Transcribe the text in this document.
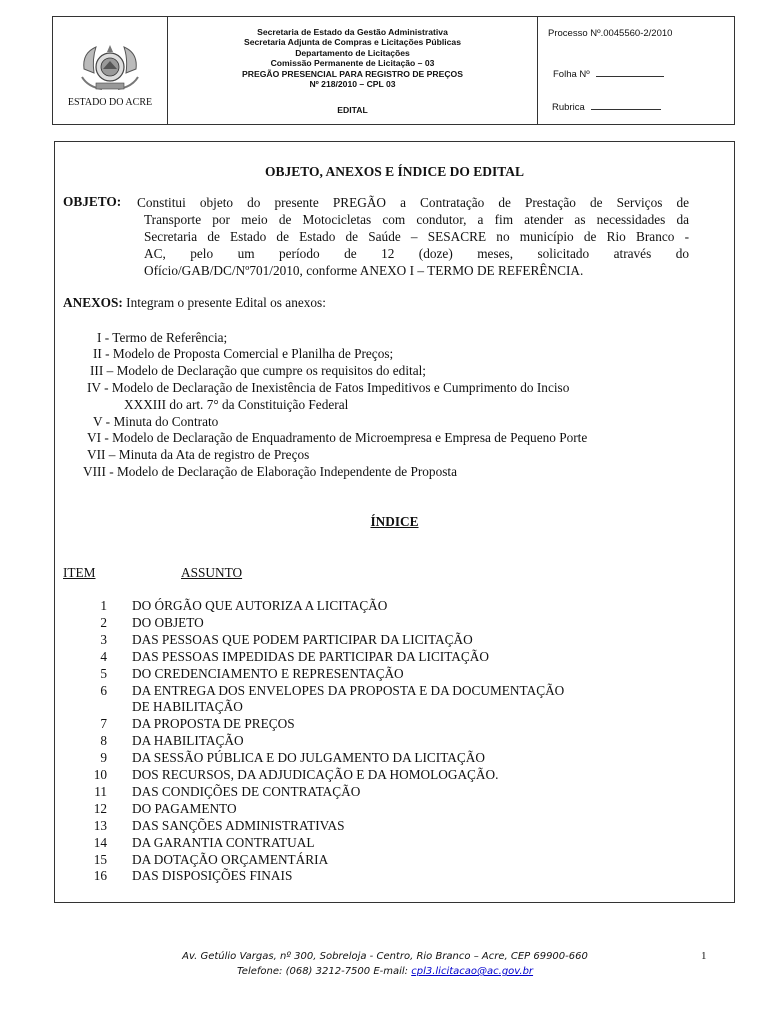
ESTADO DO ACRE
Secretaria de Estado da Gestão Administrativa
Secretaria Adjunta de Compras e Licitações Públicas
Departamento de Licitações
Comissão Permanente de Licitação – 03
PREGÃO PRESENCIAL PARA REGISTRO DE PREÇOS
Nº 218/2010 – CPL 03
EDITAL
Processo Nº.0045560-2/2010
Folha Nº
Rubrica
OBJETO, ANEXOS E ÍNDICE DO EDITAL
OBJETO: Constitui objeto do presente PREGÃO a Contratação de Prestação de Serviços de
Transporte por meio de Motocicletas com condutor, a fim atender as necessidades da
Secretaria de Estado de Estado de Saúde – SESACRE no município de Rio Branco -
AC, pelo um período de 12 (doze) meses, solicitado através do
Ofício/GAB/DC/Nº701/2010, conforme ANEXO I – TERMO DE REFERÊNCIA.
ANEXOS: Integram o presente Edital os anexos:
I - Termo de Referência;
II - Modelo de Proposta Comercial e Planilha de Preços;
III – Modelo de Declaração que cumpre os requisitos do edital;
IV - Modelo de Declaração de Inexistência de Fatos Impeditivos e Cumprimento do Inciso
XXXIII do art. 7° da Constituição Federal
V - Minuta do Contrato
VI - Modelo de Declaração de Enquadramento de Microempresa e Empresa de Pequeno Porte
VII – Minuta da Ata de registro de Preços
VIII - Modelo de Declaração de Elaboração Independente de Proposta
ÍNDICE
ITEM	ASSUNTO
1 DO ÓRGÃO QUE AUTORIZA A LICITAÇÃO
2 DO OBJETO
3 DAS PESSOAS QUE PODEM PARTICIPAR DA LICITAÇÃO
4 DAS PESSOAS IMPEDIDAS DE PARTICIPAR DA LICITAÇÃO
5 DO CREDENCIAMENTO E REPRESENTAÇÃO
6 DA ENTREGA DOS ENVELOPES DA PROPOSTA E DA DOCUMENTAÇÃO
DE HABILITAÇÃO
7 DA PROPOSTA DE PREÇOS
8 DA HABILITAÇÃO
9 DA SESSÃO PÚBLICA E DO JULGAMENTO DA LICITAÇÃO
10 DOS RECURSOS, DA ADJUDICAÇÃO E DA HOMOLOGAÇÃO.
11 DAS CONDIÇÕES DE CONTRATAÇÃO
12 DO PAGAMENTO
13 DAS SANÇÕES ADMINISTRATIVAS
14 DA GARANTIA CONTRATUAL
15 DA DOTAÇÃO ORÇAMENTÁRIA
16 DAS DISPOSIÇÕES FINAIS
Av. Getúlio Vargas, nº 300, Sobreloja - Centro, Rio Branco – Acre, CEP 69900-660
Telefone: (068) 3212-7500 E-mail: cpl3.licitacao@ac.gov.br
1
